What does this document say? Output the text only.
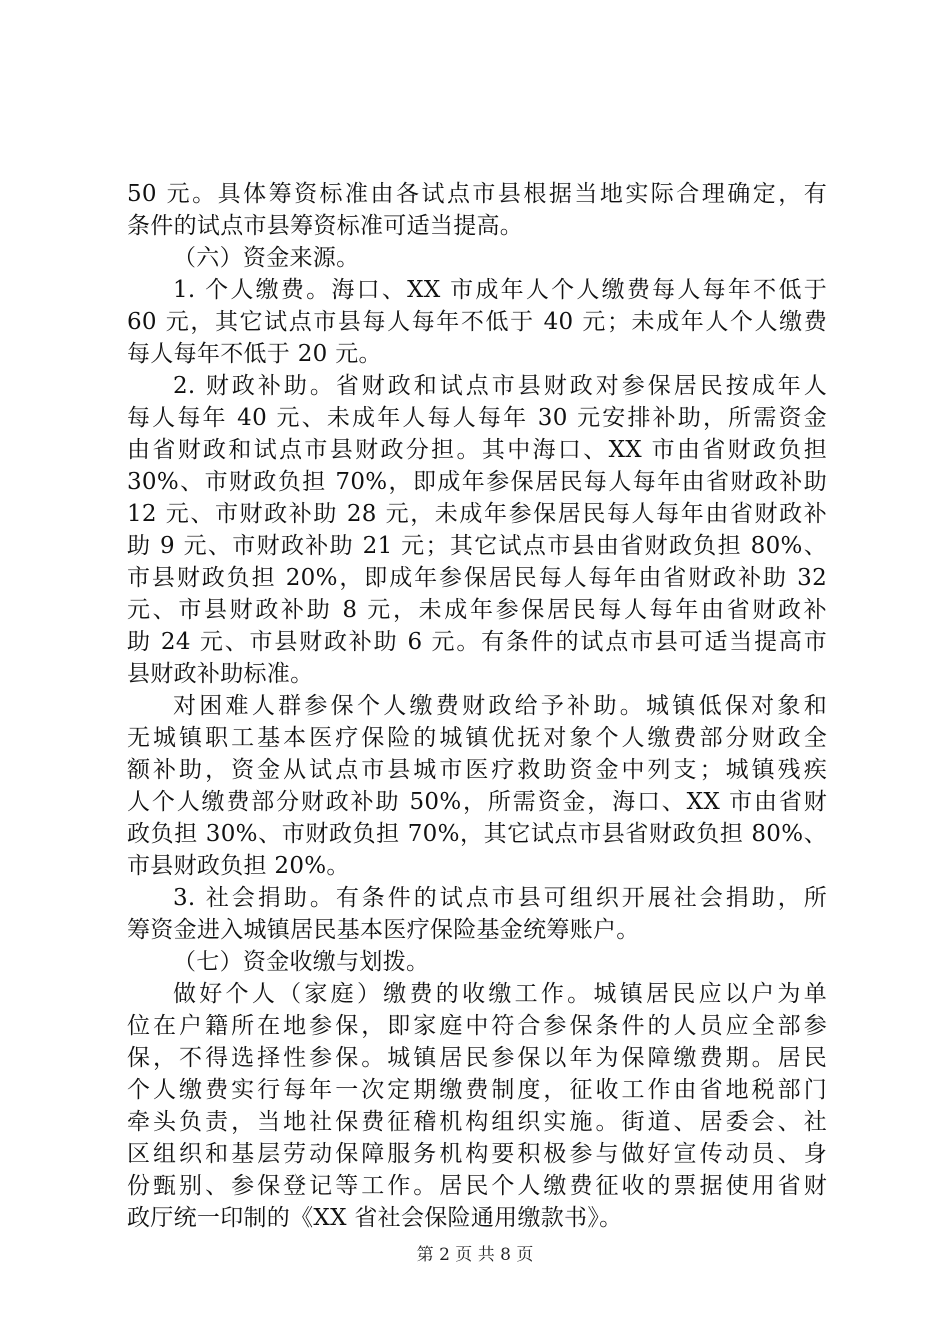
50 元。具体筹资标准由各试点市县根据当地实际合理确定，有
条件的试点市县筹资标准可适当提高。
（六）资金来源。
1. 个人缴费。海口、XX 市成年人个人缴费每人每年不低于
60 元，其它试点市县每人每年不低于 40 元；未成年人个人缴费
每人每年不低于 20 元。
2. 财政补助。省财政和试点市县财政对参保居民按成年人
每人每年 40 元、未成年人每人每年 30 元安排补助，所需资金
由省财政和试点市县财政分担。其中海口、XX 市由省财政负担
30%、市财政负担 70%，即成年参保居民每人每年由省财政补助
12 元、市财政补助 28 元，未成年参保居民每人每年由省财政补
助 9 元、市财政补助 21 元；其它试点市县由省财政负担 80%、
市县财政负担 20%，即成年参保居民每人每年由省财政补助 32
元、市县财政补助 8 元，未成年参保居民每人每年由省财政补
助 24 元、市县财政补助 6 元。有条件的试点市县可适当提高市
县财政补助标准。
对困难人群参保个人缴费财政给予补助。城镇低保对象和
无城镇职工基本医疗保险的城镇优抚对象个人缴费部分财政全
额补助，资金从试点市县城市医疗救助资金中列支；城镇残疾
人个人缴费部分财政补助 50%，所需资金，海口、XX 市由省财
政负担 30%、市财政负担 70%，其它试点市县省财政负担 80%、
市县财政负担 20%。
3. 社会捐助。有条件的试点市县可组织开展社会捐助，所
筹资金进入城镇居民基本医疗保险基金统筹账户。
（七）资金收缴与划拨。
做好个人（家庭）缴费的收缴工作。城镇居民应以户为单
位在户籍所在地参保，即家庭中符合参保条件的人员应全部参
保，不得选择性参保。城镇居民参保以年为保障缴费期。居民
个人缴费实行每年一次定期缴费制度，征收工作由省地税部门
牵头负责，当地社保费征稽机构组织实施。街道、居委会、社
区组织和基层劳动保障服务机构要积极参与做好宣传动员、身
份甄别、参保登记等工作。居民个人缴费征收的票据使用省财
政厅统一印制的《XX 省社会保险通用缴款书》。
第 2 页 共 8 页
